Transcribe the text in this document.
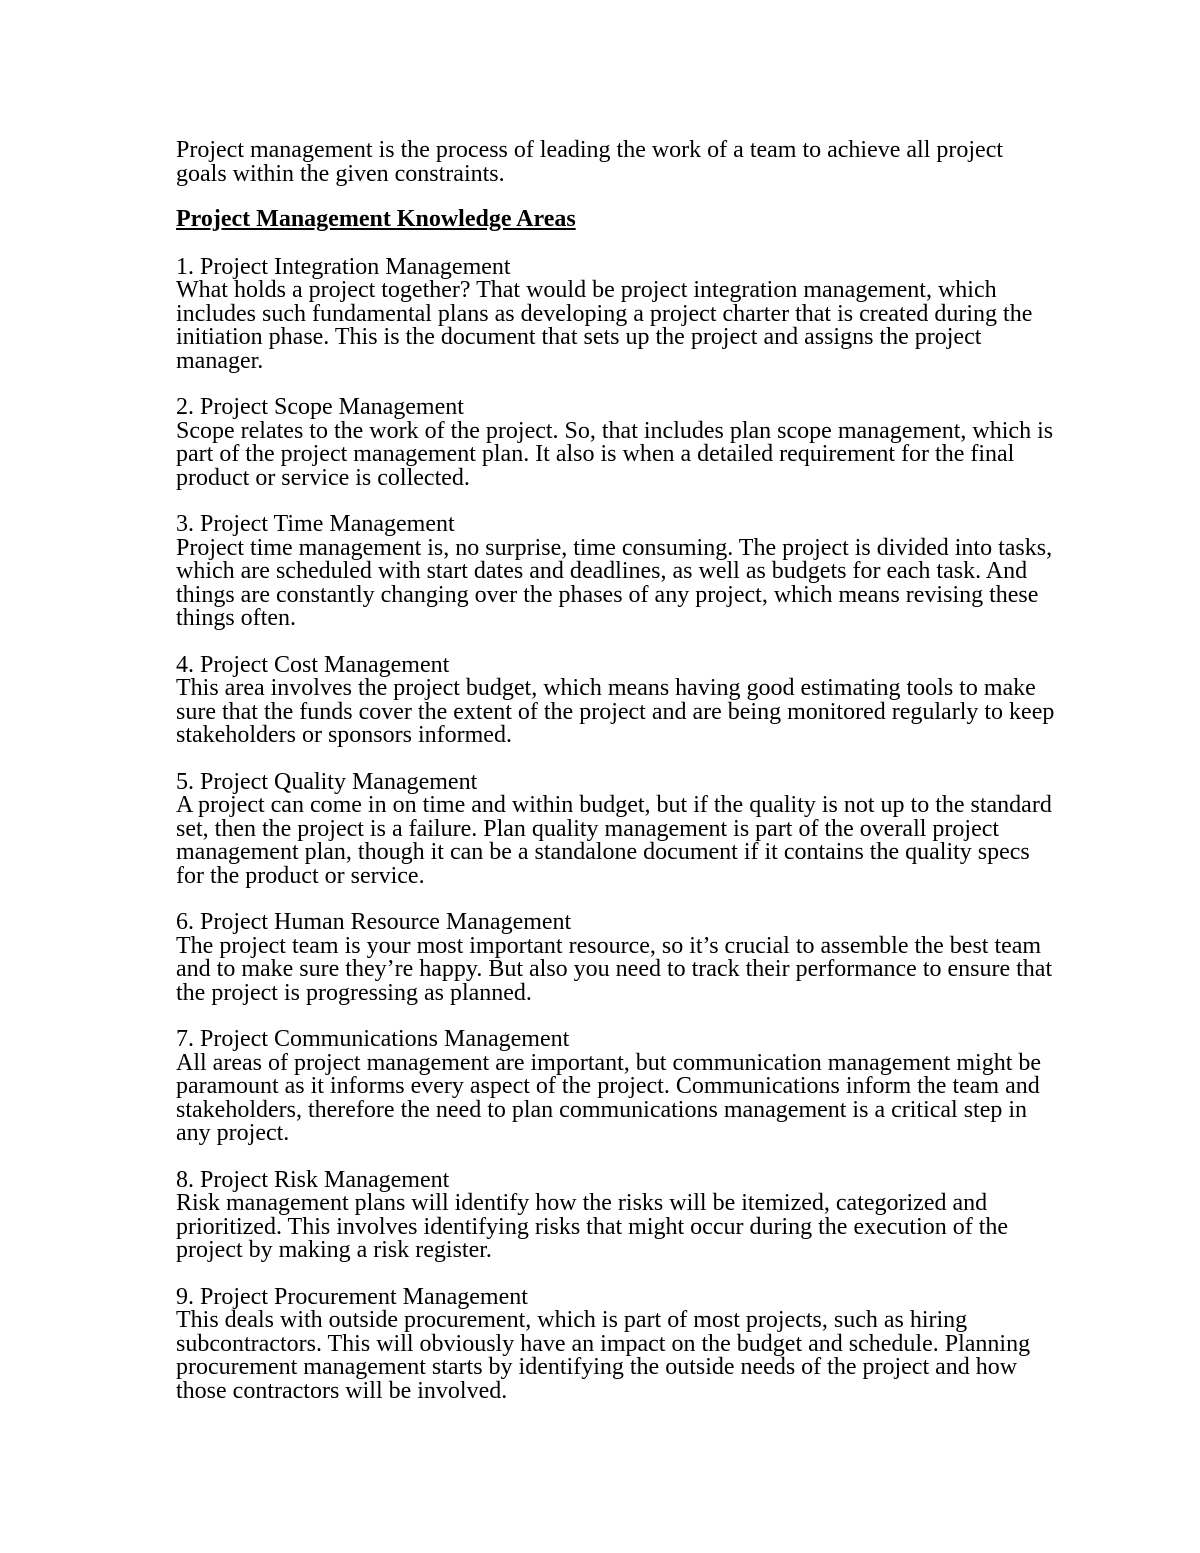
Project management is the process of leading the work of a team to achieve all project goals within the given constraints.

Project Management Knowledge Areas

1. Project Integration Management
What holds a project together? That would be project integration management, which includes such fundamental plans as developing a project charter that is created during the initiation phase. This is the document that sets up the project and assigns the project manager.
2. Project Scope Management
Scope relates to the work of the project. So, that includes plan scope management, which is part of the project management plan. It also is when a detailed requirement for the final product or service is collected.
3. Project Time Management
Project time management is, no surprise, time consuming. The project is divided into tasks, which are scheduled with start dates and deadlines, as well as budgets for each task. And things are constantly changing over the phases of any project, which means revising these things often.
4. Project Cost Management
This area involves the project budget, which means having good estimating tools to make sure that the funds cover the extent of the project and are being monitored regularly to keep stakeholders or sponsors informed.
5. Project Quality Management
A project can come in on time and within budget, but if the quality is not up to the standard set, then the project is a failure. Plan quality management is part of the overall project management plan, though it can be a standalone document if it contains the quality specs for the product or service.
6. Project Human Resource Management
The project team is your most important resource, so it’s crucial to assemble the best team and to make sure they’re happy. But also you need to track their performance to ensure that the project is progressing as planned.
7. Project Communications Management
All areas of project management are important, but communication management might be paramount as it informs every aspect of the project. Communications inform the team and stakeholders, therefore the need to plan communications management is a critical step in any project.
8. Project Risk Management
Risk management plans will identify how the risks will be itemized, categorized and prioritized. This involves identifying risks that might occur during the execution of the project by making a risk register.
9. Project Procurement Management
This deals with outside procurement, which is part of most projects, such as hiring subcontractors. This will obviously have an impact on the budget and schedule. Planning procurement management starts by identifying the outside needs of the project and how those contractors will be involved.
